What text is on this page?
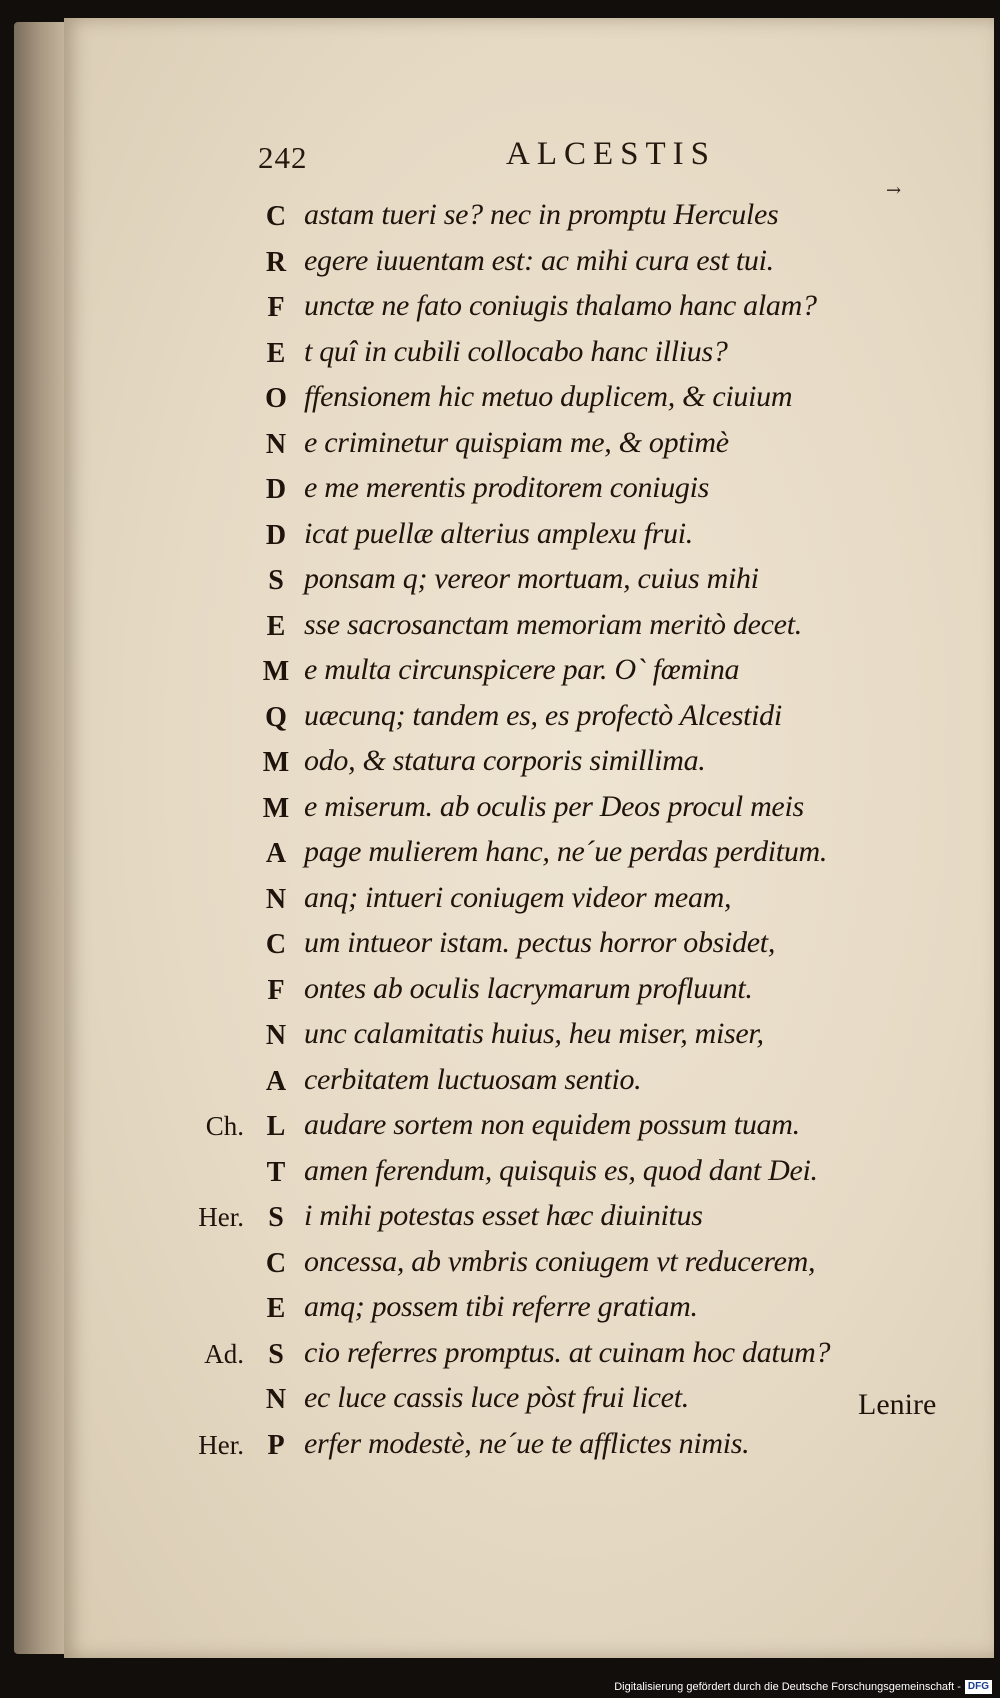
242	ALCESTIS
→
C astam tueri se? nec in promptu Hercules
R egere iuuentam est: ac mihi cura est tui.
F unctæ ne fato coniugis thalamo hanc alam?
E t quî in cubili collocabo hanc illius?
O ffensionem hic metuo duplicem, & ciuium
N e criminetur quispiam me, & optimè
D e me merentis proditorem coniugis
D icat puellæ alterius amplexu frui.
S ponsam q; vereor mortuam, cuius mihi
E sse sacrosanctam memoriam meritò decet.
M e multa circunspicere par. O` fœmina
Q uæcunq; tandem es, es profectò Alcestidi
M odo, & statura corporis simillima.
M e miserum. ab oculis per Deos procul meis
A page mulierem hanc, ne´ue perdas perditum.
N anq; intueri coniugem videor meam,
C um intueor istam. pectus horror obsidet,
F ontes ab oculis lacrymarum profluunt.
N unc calamitatis huius, heu miser, miser,
A cerbitatem luctuosam sentio.
Ch. L audare sortem non equidem possum tuam.
T amen ferendum, quisquis es, quod dant Dei.
Her. S i mihi potestas esset hæc diuinitus
C oncessa, ab vmbris coniugem vt reducerem,
E amq; possem tibi referre gratiam.
Ad. S cio referres promptus. at cuinam hoc datum?
N ec luce cassis luce pòst frui licet.
Her. P erfer modestè, ne´ue te afflictes nimis.
Lenire
Digitalisierung gefördert durch die Deutsche Forschungsgemeinschaft - DFG
